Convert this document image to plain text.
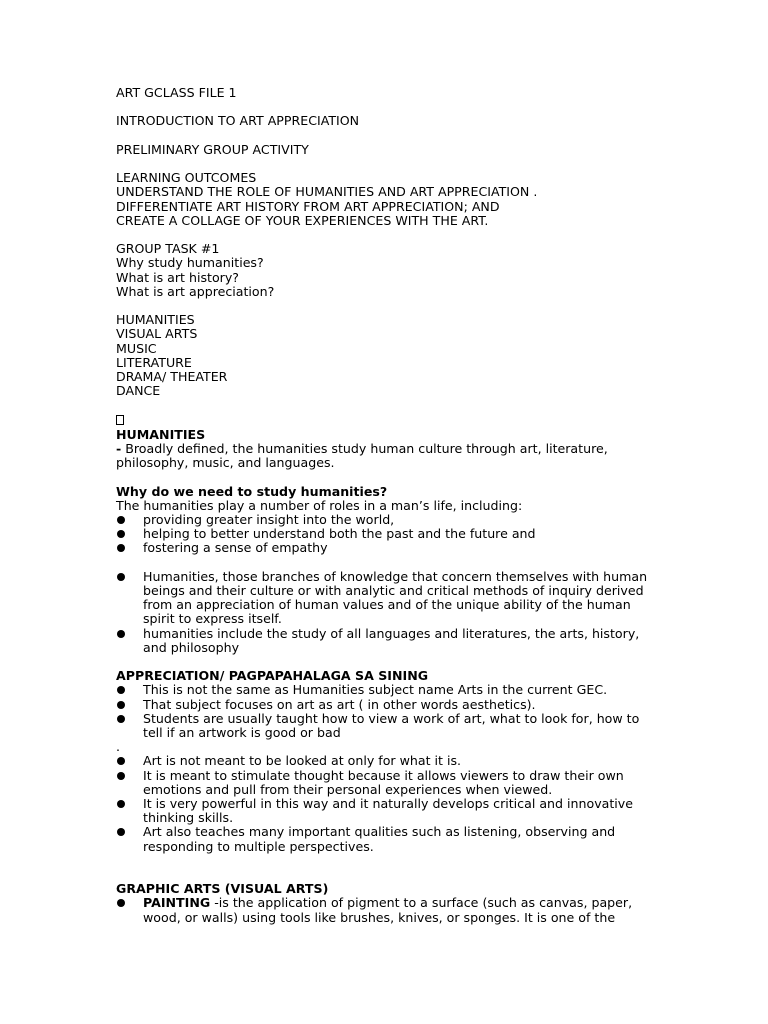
ART GCLASS FILE 1
INTRODUCTION TO ART APPRECIATION
PRELIMINARY GROUP ACTIVITY
LEARNING OUTCOMES
UNDERSTAND THE ROLE OF HUMANITIES AND ART APPRECIATION .
DIFFERENTIATE ART HISTORY FROM ART APPRECIATION; AND
CREATE A COLLAGE OF YOUR EXPERIENCES WITH THE ART.
GROUP TASK #1
Why study humanities?
What is art history?
What is art appreciation?
HUMANITIES
VISUAL ARTS
MUSIC
LITERATURE
DRAMA/ THEATER
DANCE
HUMANITIES
- Broadly defined, the humanities study human culture through art, literature, philosophy, music, and languages.
Why do we need to study humanities?
The humanities play a number of roles in a man’s life, including:
providing greater insight into the world,
helping to better understand both the past and the future and
fostering a sense of empathy
Humanities, those branches of knowledge that concern themselves with human beings and their culture or with analytic and critical methods of inquiry derived from an appreciation of human values and of the unique ability of the human spirit to express itself.
humanities include the study of all languages and literatures, the arts, history, and philosophy
APPRECIATION/ PAGPAPAHALAGA SA SINING
This is not the same as Humanities subject name Arts in the current GEC.
That subject focuses on art as art ( in other words aesthetics).
Students are usually taught how to view a work of art, what to look for, how to tell if an artwork is good or bad
.
Art is not meant to be looked at only for what it is.
It is meant to stimulate thought because it allows viewers to draw their own emotions and pull from their personal experiences when viewed.
It is very powerful in this way and it naturally develops critical and innovative thinking skills.
Art also teaches many important qualities such as listening, observing and responding to multiple perspectives.
GRAPHIC ARTS (VISUAL ARTS)
PAINTING -is the application of pigment to a surface (such as canvas, paper, wood, or walls) using tools like brushes, knives, or sponges. It is one of the
